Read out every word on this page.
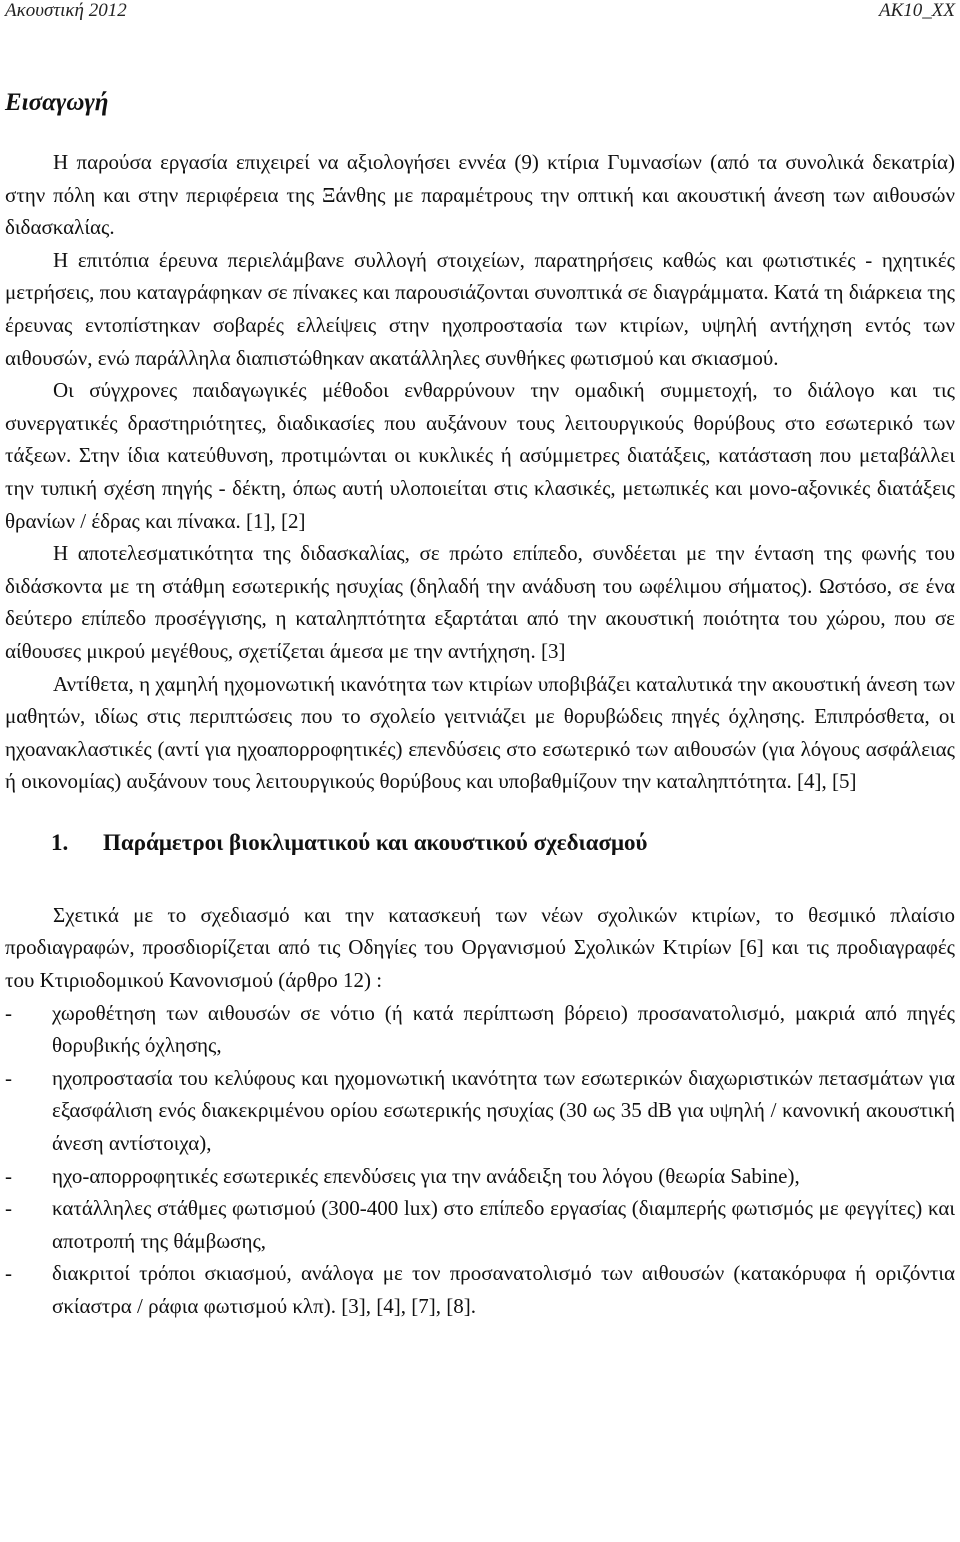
Ακουστική 2012	AK10_XX
Εισαγωγή

Η παρούσα εργασία επιχειρεί να αξιολογήσει εννέα (9) κτίρια Γυμνασίων (από τα συνολικά δεκατρία) στην πόλη και στην περιφέρεια της Ξάνθης με παραμέτρους την οπτική και ακουστική άνεση των αιθουσών διδασκαλίας.

Η επιτόπια έρευνα περιελάμβανε συλλογή στοιχείων, παρατηρήσεις καθώς και φωτιστικές - ηχητικές μετρήσεις, που καταγράφηκαν σε πίνακες και παρουσιάζονται συνοπτικά σε διαγράμματα. Κατά τη διάρκεια της έρευνας εντοπίστηκαν σοβαρές ελλείψεις στην ηχοπροστασία των κτιρίων, υψηλή αντήχηση εντός των αιθουσών, ενώ παράλληλα διαπιστώθηκαν ακατάλληλες συνθήκες φωτισμού και σκιασμού.

Οι σύγχρονες παιδαγωγικές μέθοδοι ενθαρρύνουν την ομαδική συμμετοχή, το διάλογο και τις συνεργατικές δραστηριότητες, διαδικασίες που αυξάνουν τους λειτουργικούς θορύβους στο εσωτερικό των τάξεων. Στην ίδια κατεύθυνση, προτιμώνται οι κυκλικές ή ασύμμετρες διατάξεις, κατάσταση που μεταβάλλει την τυπική σχέση πηγής - δέκτη, όπως αυτή υλοποιείται στις κλασικές, μετωπικές και μονο-αξονικές διατάξεις θρανίων / έδρας και πίνακα. [1], [2]

Η αποτελεσματικότητα της διδασκαλίας, σε πρώτο επίπεδο, συνδέεται με την ένταση της φωνής του διδάσκοντα με τη στάθμη εσωτερικής ησυχίας (δηλαδή την ανάδυση του ωφέλιμου σήματος). Ωστόσο, σε ένα δεύτερο επίπεδο προσέγγισης, η καταληπτότητα εξαρτάται από την ακουστική ποιότητα του χώρου, που σε αίθουσες μικρού μεγέθους, σχετίζεται άμεσα με την αντήχηση. [3]

Αντίθετα, η χαμηλή ηχομονωτική ικανότητα των κτιρίων υποβιβάζει καταλυτικά την ακουστική άνεση των μαθητών, ιδίως στις περιπτώσεις που το σχολείο γειτνιάζει με θορυβώδεις πηγές όχλησης. Επιπρόσθετα, οι ηχοανακλαστικές (αντί για ηχοαπορροφητικές) επενδύσεις στο εσωτερικό των αιθουσών (για λόγους ασφάλειας ή οικονομίας) αυξάνουν τους λειτουργικούς θορύβους και υποβαθμίζουν την καταληπτότητα. [4], [5]

1. Παράμετροι βιοκλιματικού και ακουστικού σχεδιασμού

Σχετικά με το σχεδιασμό και την κατασκευή των νέων σχολικών κτιρίων, το θεσμικό πλαίσιο προδιαγραφών, προσδιορίζεται από τις Οδηγίες του Οργανισμού Σχολικών Κτιρίων [6] και τις προδιαγραφές του Κτιριοδομικού Κανονισμού (άρθρο 12) :

- χωροθέτηση των αιθουσών σε νότιο (ή κατά περίπτωση βόρειο) προσανατολισμό, μακριά από πηγές θορυβικής όχλησης,
- ηχοπροστασία του κελύφους και ηχομονωτική ικανότητα των εσωτερικών διαχωριστικών πετασμάτων για εξασφάλιση ενός διακεκριμένου ορίου εσωτερικής ησυχίας (30 ως 35 dB για υψηλή / κανονική ακουστική άνεση αντίστοιχα),
- ηχο-απορροφητικές εσωτερικές επενδύσεις για την ανάδειξη του λόγου (θεωρία Sabine),
- κατάλληλες στάθμες φωτισμού (300-400 lux) στο επίπεδο εργασίας (διαμπερής φωτισμός με φεγγίτες) και αποτροπή της θάμβωσης,
- διακριτοί τρόποι σκιασμού, ανάλογα με τον προσανατολισμό των αιθουσών (κατακόρυφα ή οριζόντια σκίαστρα / ράφια φωτισμού κλπ). [3], [4], [7], [8].
